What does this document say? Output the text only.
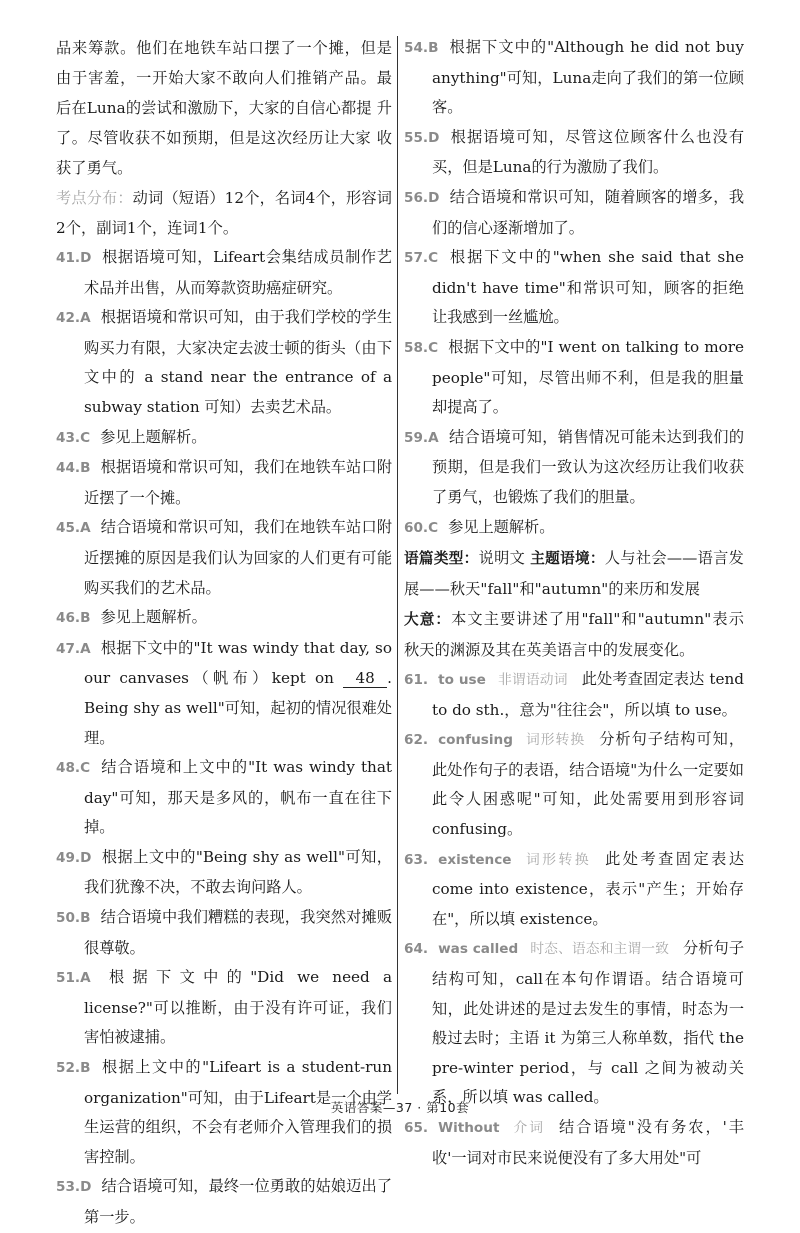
品来筹款。他们在地铁车站口摆了一个摊，但是 由于害羞，一开始大家不敢向人们推销产品。最 后在Luna的尝试和激励下，大家的自信心都提 升了。尽管收获不如预期，但是这次经历让大家 收获了勇气。

考点分布：动词（短语）12个，名词4个，形容词2个，副词1个，连词1个。

41.D 根据语境可知，Lifeart会集结成员制作艺术品并出售，从而筹款资助癌症研究。

42.A 根据语境和常识可知，由于我们学校的学生购买力有限，大家决定去波士顿的街头（由下文中的 a stand near the entrance of a subway station 可知）去卖艺术品。

43.C 参见上题解析。

44.B 根据语境和常识可知，我们在地铁车站口附近摆了一个摊。

45.A 结合语境和常识可知，我们在地铁车站口附近摆摊的原因是我们认为回家的人们更有可能购买我们的艺术品。

46.B 参见上题解析。

47.A 根据下文中的"It was windy that day, so our canvases（帆布）kept on 48 . Being shy as well"可知，起初的情况很难处理。

48.C 结合语境和上文中的"It was windy that day"可知，那天是多风的，帆布一直在往下掉。

49.D 根据上文中的"Being shy as well"可知，我们犹豫不决，不敢去询问路人。

50.B 结合语境中我们糟糕的表现，我突然对摊贩很尊敬。

51.A 根据下文中的"Did we need a license?"可以推断，由于没有许可证，我们害怕被逮捕。

52.B 根据上文中的"Lifeart is a student-run organization"可知，由于Lifeart是一个由学生运营的组织，不会有老师介入管理我们的损害控制。

53.D 结合语境可知，最终一位勇敢的姑娘迈出了第一步。

54.B 根据下文中的"Although he did not buy anything"可知，Luna走向了我们的第一位顾客。

55.D 根据语境可知，尽管这位顾客什么也没有买，但是Luna的行为激励了我们。

56.D 结合语境和常识可知，随着顾客的增多，我们的信心逐渐增加了。

57.C 根据下文中的"when she said that she didn't have time"和常识可知，顾客的拒绝让我感到一丝尴尬。

58.C 根据下文中的"I went on talking to more people"可知，尽管出师不利，但是我的胆量却提高了。

59.A 结合语境可知，销售情况可能未达到我们的预期，但是我们一致认为这次经历让我们收获了勇气，也锻炼了我们的胆量。

60.C 参见上题解析。

语篇类型：说明文 主题语境：人与社会——语言发展——秋天"fall"和"autumn"的来历和发展

大意：本文主要讲述了用"fall"和"autumn"表示秋天的渊源及其在英美语言中的发展变化。

61. to use 非谓语动词 此处考查固定表达 tend to do sth.，意为"往往会"，所以填 to use。

62. confusing 词形转换 分析句子结构可知，此处作句子的表语，结合语境"为什么一定要如此令人困惑呢"可知，此处需要用到形容词 confusing。

63. existence 词形转换 此处考查固定表达 come into existence，表示"产生；开始存在"，所以填 existence。

64. was called 时态、语态和主谓一致 分析句子结构可知，call在本句作谓语。结合语境可知，此处讲述的是过去发生的事情，时态为一般过去时；主语 it 为第三人称单数，指代 the pre-winter period，与 call 之间为被动关系，所以填 was called。

65. Without 介词 结合语境"没有务农，'丰收'一词对市民来说便没有了多大用处"可

英语答案—37 · 第10套
